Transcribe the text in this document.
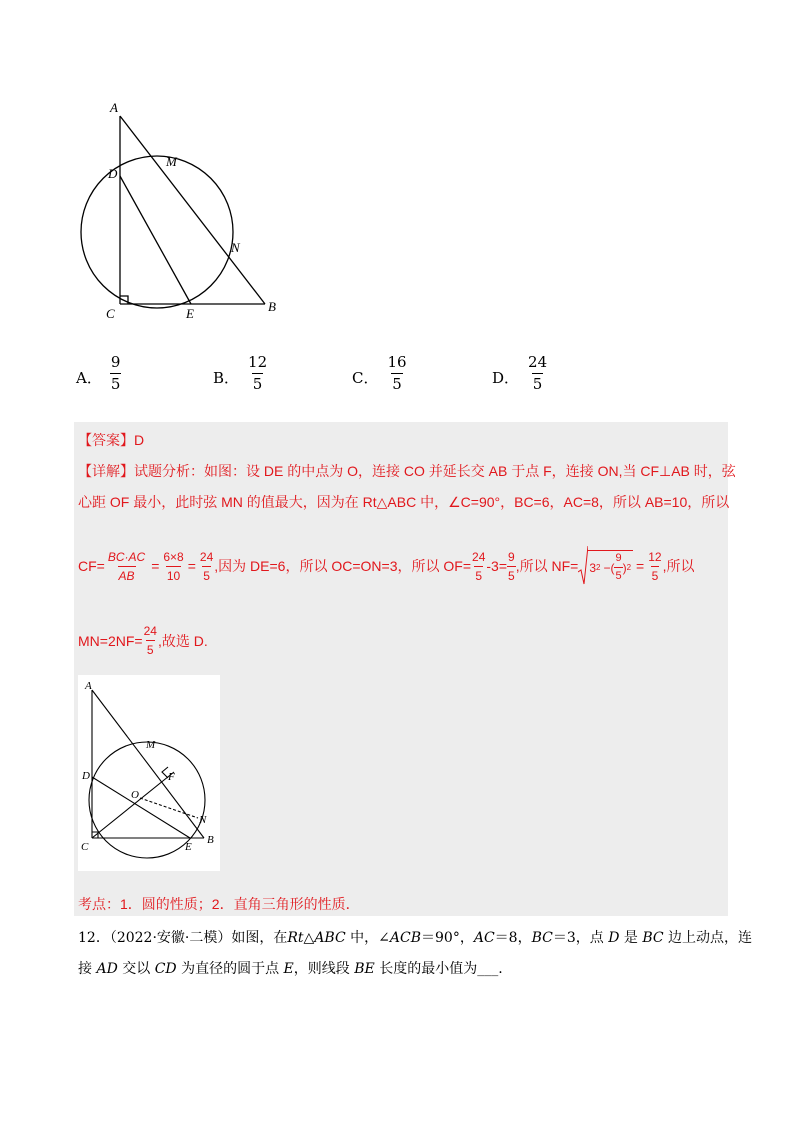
A
M
D
N
C	E	B
A． $\frac{9}{5}$	B． $\frac{12}{5}$	C． $\frac{16}{5}$	D． $\frac{24}{5}$
【答案】D
【详解】试题分析：如图：设 DE 的中点为 O，连接 CO 并延长交 AB 于点 F，连接 ON,当 CF⊥AB 时，弦
心距 OF 最小，此时弦 MN 的值最大，因为在 Rt△ABC 中，∠C=90°，BC=6，AC=8，所以 AB=10，所以
$CF= \frac{BC\cdot AC}{AB} = \frac{6\times 8}{10} = \frac{24}{5}$ ,因为 DE=6，所以 OC=ON=3，所以 $OF= \frac{24}{5} -3= \frac{9}{5}$ ,所以 NF= 3 2 −( $\frac{9}{5}$ ) $2 = \frac{12}{5}$ ,所以
$MN=2NF= \frac{24}{5}$ ,故选 D.
A
M
D	F
O
N
C	E
B
考点：1．圆的性质；2．直角三角形的性质．
12．（2022·安徽·二模）如图，在Rt△ABC 中，∠ACB＝90°，AC＝8，BC＝3，点 D 是 BC 边上动点，连
接 AD 交以 CD 为直径的圆于点 E，则线段 BE 长度的最小值为___.
